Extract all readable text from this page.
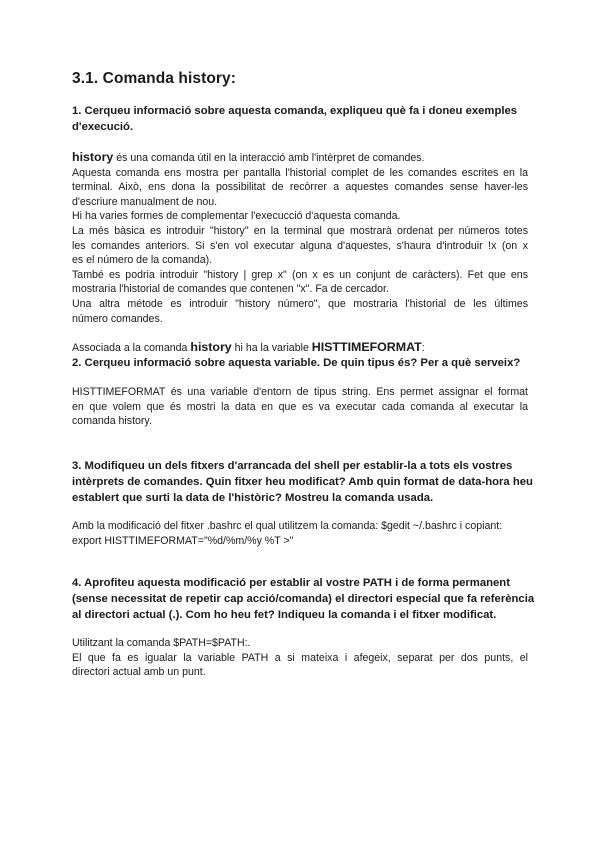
3.1. Comanda history:
1. Cerqueu informació sobre aquesta comanda, expliqueu què fa i doneu exemples d'execució.
history és una comanda útil en la interacció amb l'intèrpret de comandes.
Aquesta comanda ens mostra per pantalla l'historial complet de les comandes escrites en la
terminal. Això, ens dona la possibilitat de recòrrer a aquestes comandes sense haver-les
d'escriure manualment de nou.
Hi ha varies formes de complementar l'execucció d'aquesta comanda.
La més bàsica es introduir "history" en la terminal que mostrarà ordenat per números totes
les comandes anteriors. Si s'en vol executar alguna d'aquestes, s'haura d'introduir !x (on x
es el número de la comanda).
També es podria introduir "history | grep x" (on x es un conjunt de caràcters). Fet que ens
mostraria l'historial de comandes que contenen "x". Fa de cercador.
Una altra métode es introduir "history número", que mostraria l'historial de les últimes
número comandes.
Associada a la comanda history hi ha la variable HISTTIMEFORMAT:
2. Cerqueu informació sobre aquesta variable. De quin tipus és? Per a què serveix?
HISTTIMEFORMAT és una variable d'entorn de tipus string. Ens permet assignar el format
en que volem que és mostri la data en que es va executar cada comanda al executar la
comanda history.
3. Modifiqueu un dels fitxers d'arrancada del shell per establir-la a tots els vostres
intèrprets de comandes. Quin fitxer heu modificat? Amb quin format de data-hora heu
establert que surti la data de l'històric? Mostreu la comanda usada.
Amb la modificació del fitxer .bashrc el qual utilitzem la comanda: $gedit ~/.bashrc i copiant:
export HISTTIMEFORMAT="%d/%m/%y %T >"
4. Aprofiteu aquesta modificació per establir al vostre PATH i de forma permanent
(sense necessitat de repetir cap acció/comanda) el directori especial que fa referència
al directori actual (.). Com ho heu fet? Indiqueu la comanda i el fitxer modificat.
Utilitzant la comanda $PATH=$PATH:.
El que fa es igualar la variable PATH a si mateixa i afegeix, separat per dos punts, el
directori actual amb un punt.
